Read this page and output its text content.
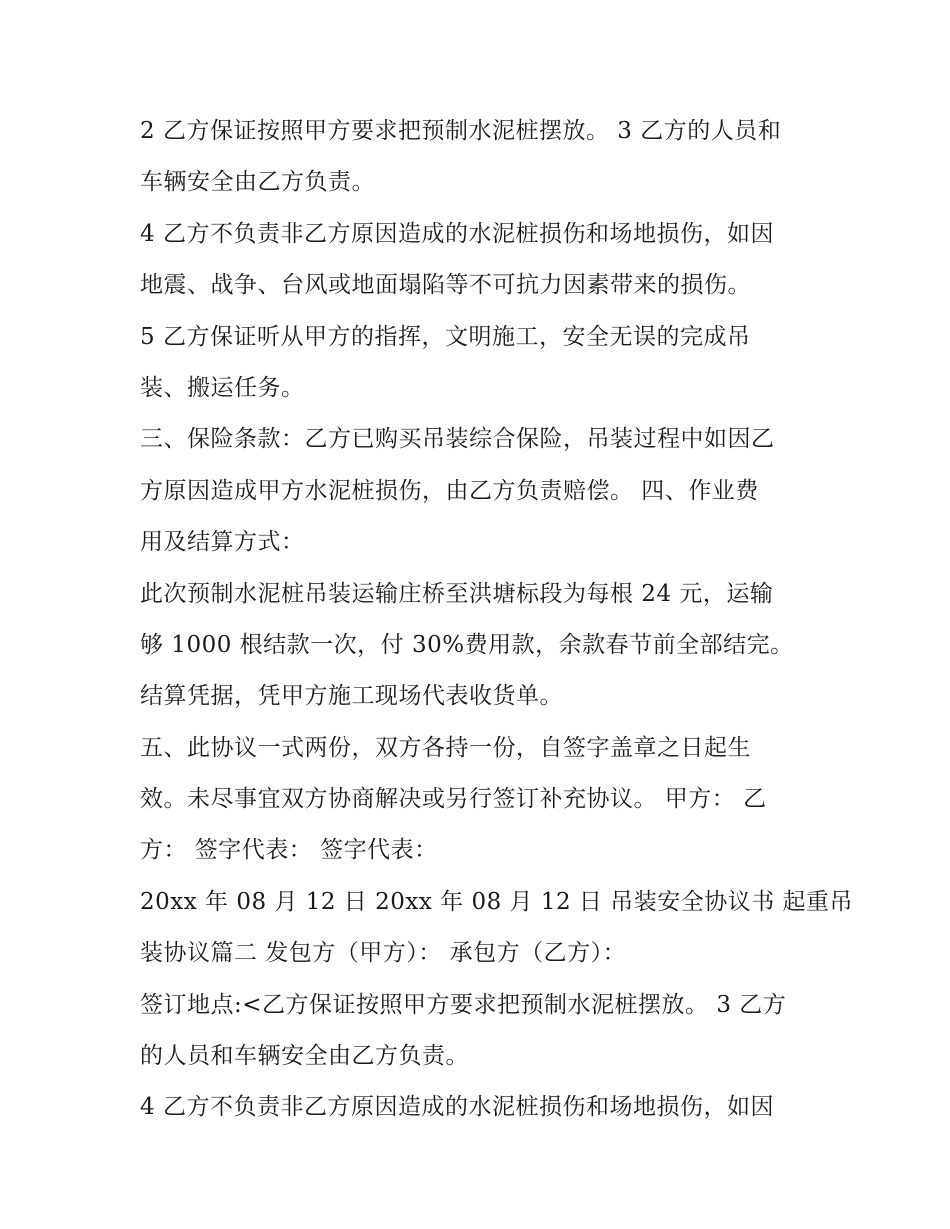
2 乙方保证按照甲方要求把预制水泥桩摆放。 3 乙方的人员和
车辆安全由乙方负责。

4 乙方不负责非乙方原因造成的水泥桩损伤和场地损伤，如因
地震、战争、台风或地面塌陷等不可抗力因素带来的损伤。

5 乙方保证听从甲方的指挥，文明施工，安全无误的完成吊
装、搬运任务。

三、保险条款：乙方已购买吊装综合保险，吊装过程中如因乙
方原因造成甲方水泥桩损伤，由乙方负责赔偿。 四、作业费
用及结算方式：

此次预制水泥桩吊装运输庄桥至洪塘标段为每根 24 元，运输
够 1000 根结款一次，付 30%费用款，余款春节前全部结完。
结算凭据，凭甲方施工现场代表收货单。

五、此协议一式两份，双方各持一份，自签字盖章之日起生
效。未尽事宜双方协商解决或另行签订补充协议。 甲方： 乙
方： 签字代表： 签字代表：

20xx 年 08 月 12 日 20xx 年 08 月 12 日 吊装安全协议书 起重吊
装协议篇二 发包方（甲方）： 承包方（乙方）：

签订地点:<乙方保证按照甲方要求把预制水泥桩摆放。 3 乙方
的人员和车辆安全由乙方负责。

4 乙方不负责非乙方原因造成的水泥桩损伤和场地损伤，如因
